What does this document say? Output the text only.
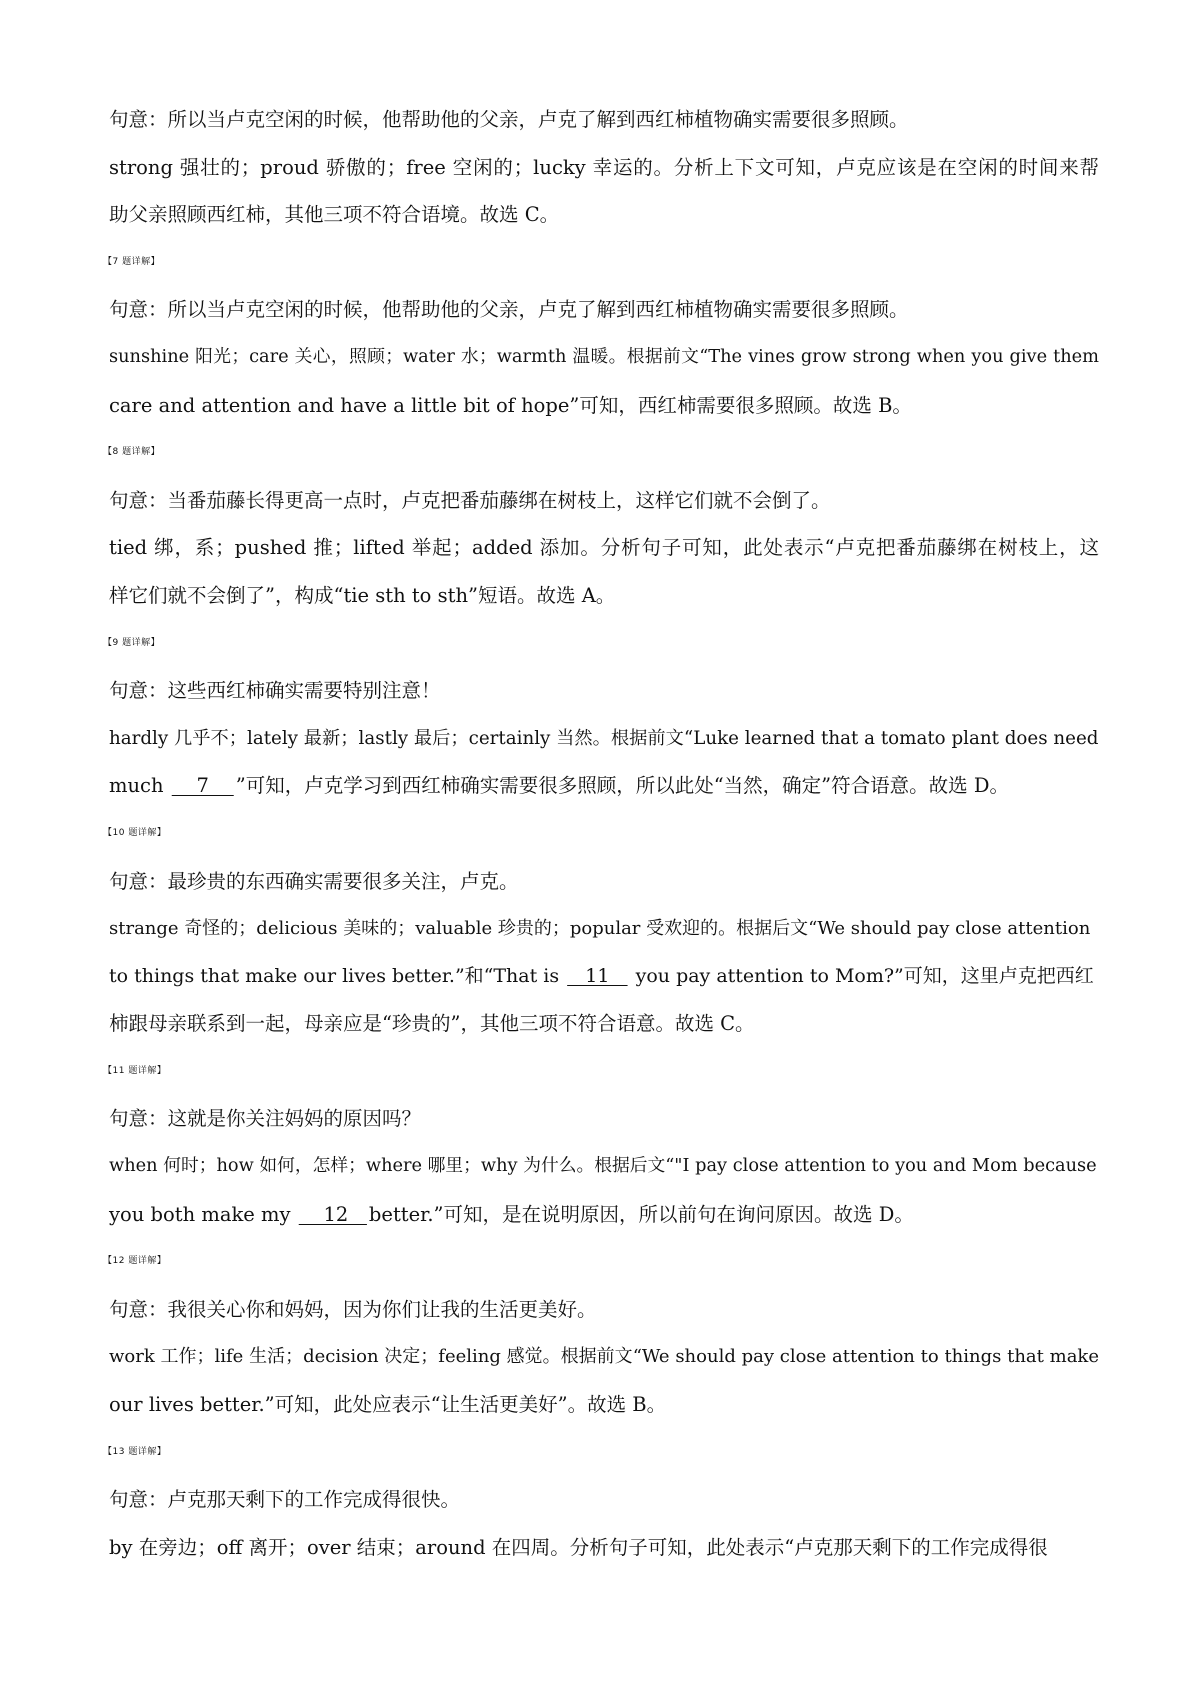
句意：所以当卢克空闲的时候，他帮助他的父亲，卢克了解到西红柿植物确实需要很多照顾。
strong 强壮的；proud 骄傲的；free 空闲的；lucky 幸运的。分析上下文可知，卢克应该是在空闲的时间来帮
助父亲照顾西红柿，其他三项不符合语境。故选 C。
【7 题详解】
句意：所以当卢克空闲的时候，他帮助他的父亲，卢克了解到西红柿植物确实需要很多照顾。
sunshine 阳光；care 关心，照顾；water 水；warmth 温暖。根据前文“The vines grow strong when you give them
care and attention and have a little bit of hope”可知，西红柿需要很多照顾。故选 B。
【8 题详解】
句意：当番茄藤长得更高一点时，卢克把番茄藤绑在树枝上，这样它们就不会倒了。
tied 绑，系；pushed 推；lifted 举起；added 添加。分析句子可知，此处表示“卢克把番茄藤绑在树枝上，这
样它们就不会倒了”，构成“tie sth to sth”短语。故选 A。
【9 题详解】
句意：这些西红柿确实需要特别注意！
hardly 几乎不；lately 最新；lastly 最后；certainly 当然。根据前文“Luke learned that a tomato plant does need
much     7    ”可知，卢克学习到西红柿确实需要很多照顾，所以此处“当然，确定”符合语意。故选 D。
【10 题详解】
句意：最珍贵的东西确实需要很多关注，卢克。
strange 奇怪的；delicious 美味的；valuable 珍贵的；popular 受欢迎的。根据后文“We should pay close attention
to things that make our lives better.”和“That is    11    you pay attention to Mom?”可知，这里卢克把西红
柿跟母亲联系到一起，母亲应是“珍贵的”，其他三项不符合语意。故选 C。
【11 题详解】
句意：这就是你关注妈妈的原因吗？
when 何时；how 如何，怎样；where 哪里；why 为什么。根据后文“"I pay close attention to you and Mom because
you both make my     12   better.”可知，是在说明原因，所以前句在询问原因。故选 D。
【12 题详解】
句意：我很关心你和妈妈，因为你们让我的生活更美好。
work 工作；life 生活；decision 决定；feeling 感觉。根据前文“We should pay close attention to things that make
our lives better.”可知，此处应表示“让生活更美好”。故选 B。
【13 题详解】
句意：卢克那天剩下的工作完成得很快。
by 在旁边；off 离开；over 结束；around 在四周。分析句子可知，此处表示“卢克那天剩下的工作完成得很
